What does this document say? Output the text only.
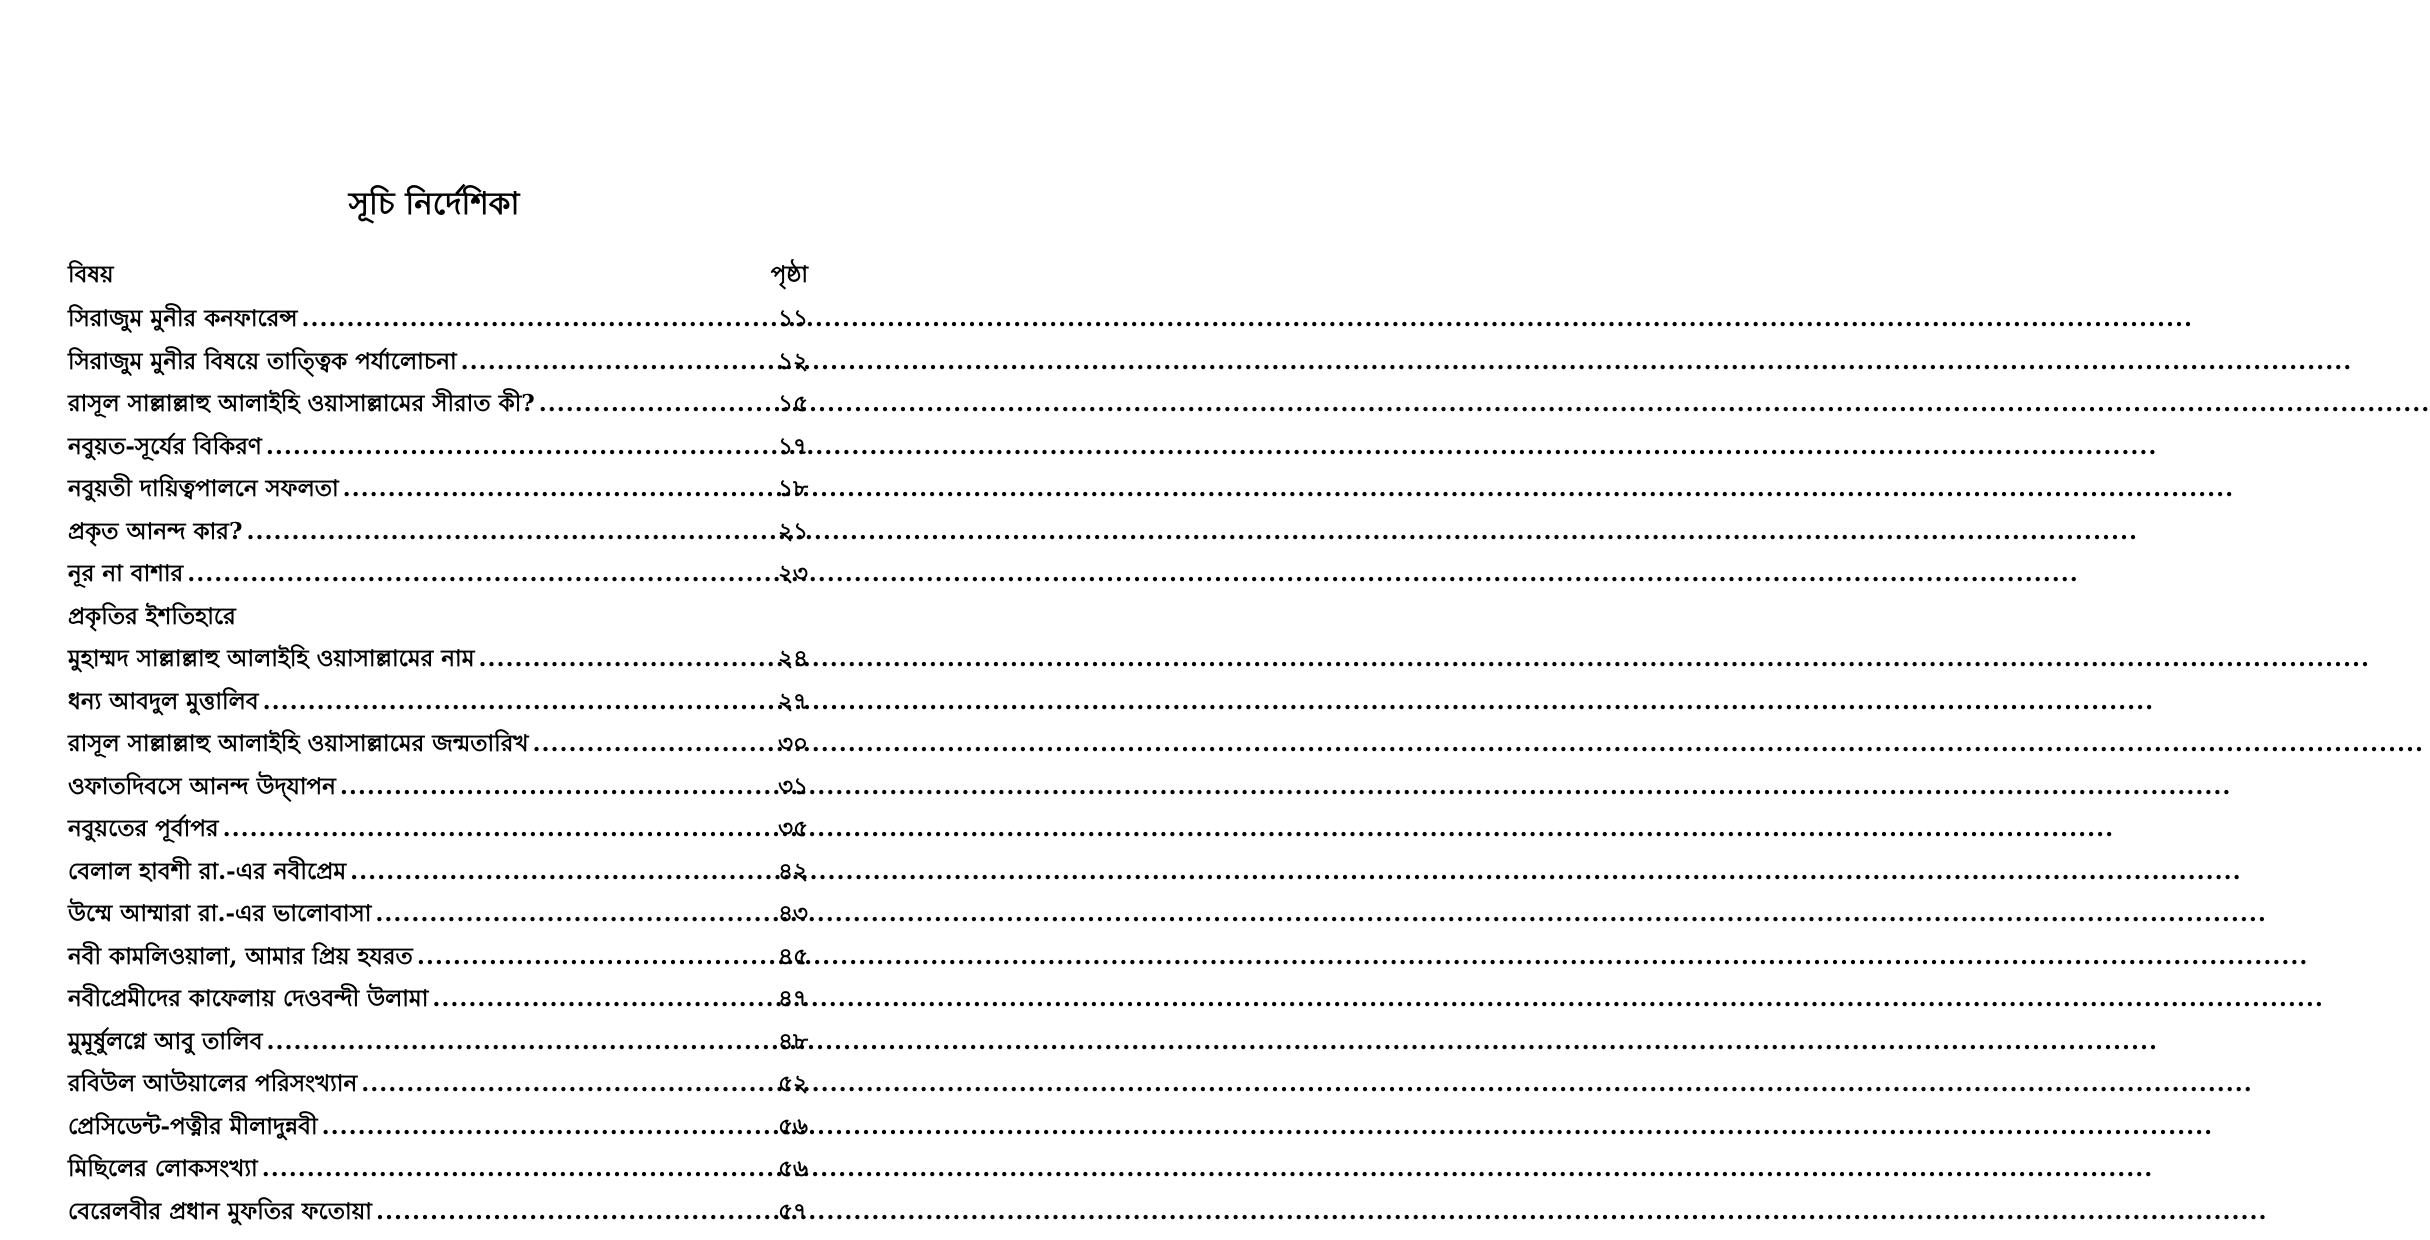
সূচি নির্দেশিকা
বিষয়	পৃষ্ঠা
সিরাজুম মুনীর কনফারেন্স .....	১১
সিরাজুম মুনীর বিষয়ে তাত্ত্বিক পর্যালোচনা .....	১২
রাসূল সাল্লাল্লাহু আলাইহি ওয়াসাল্লামের সীরাত কী? .....	১৫
নবুয়ত-সূর্যের বিকিরণ .....	১৭
নবুয়তী দায়িত্বপালনে সফলতা .....	১৮
প্রকৃত আনন্দ কার? .....	২১
নূর না বাশার .....	২৩
প্রকৃতির ইশতিহারে
মুহাম্মদ সাল্লাল্লাহু আলাইহি ওয়াসাল্লামের নাম .....	২৪
ধন্য আবদুল মুত্তালিব .....	২৭
রাসূল সাল্লাল্লাহু আলাইহি ওয়াসাল্লামের জন্মতারিখ .....	৩০
ওফাতদিবসে আনন্দ উদ্‌যাপন .....	৩১
নবুয়তের পূর্বাপর .....	৩৫
বেলাল হাবশী রা.-এর নবীপ্রেম .....	৪২
উম্মে আম্মারা রা.-এর ভালোবাসা .....	৪৩
নবী কামলিওয়ালা, আমার প্রিয় হযরত .....	৪৫
নবীপ্রেমীদের কাফেলায় দেওবন্দী উলামা .....	৪৭
মুমূর্ষুলগ্নে আবু তালিব .....	৪৮
রবিউল আউয়ালের পরিসংখ্যান .....	৫২
প্রেসিডেন্ট-পত্নীর মীলাদুন্নবী .....	৫৬
মিছিলের লোকসংখ্যা .....	৫৬
বেরেলবীর প্রধান মুফতির ফতোয়া .....	৫৭
